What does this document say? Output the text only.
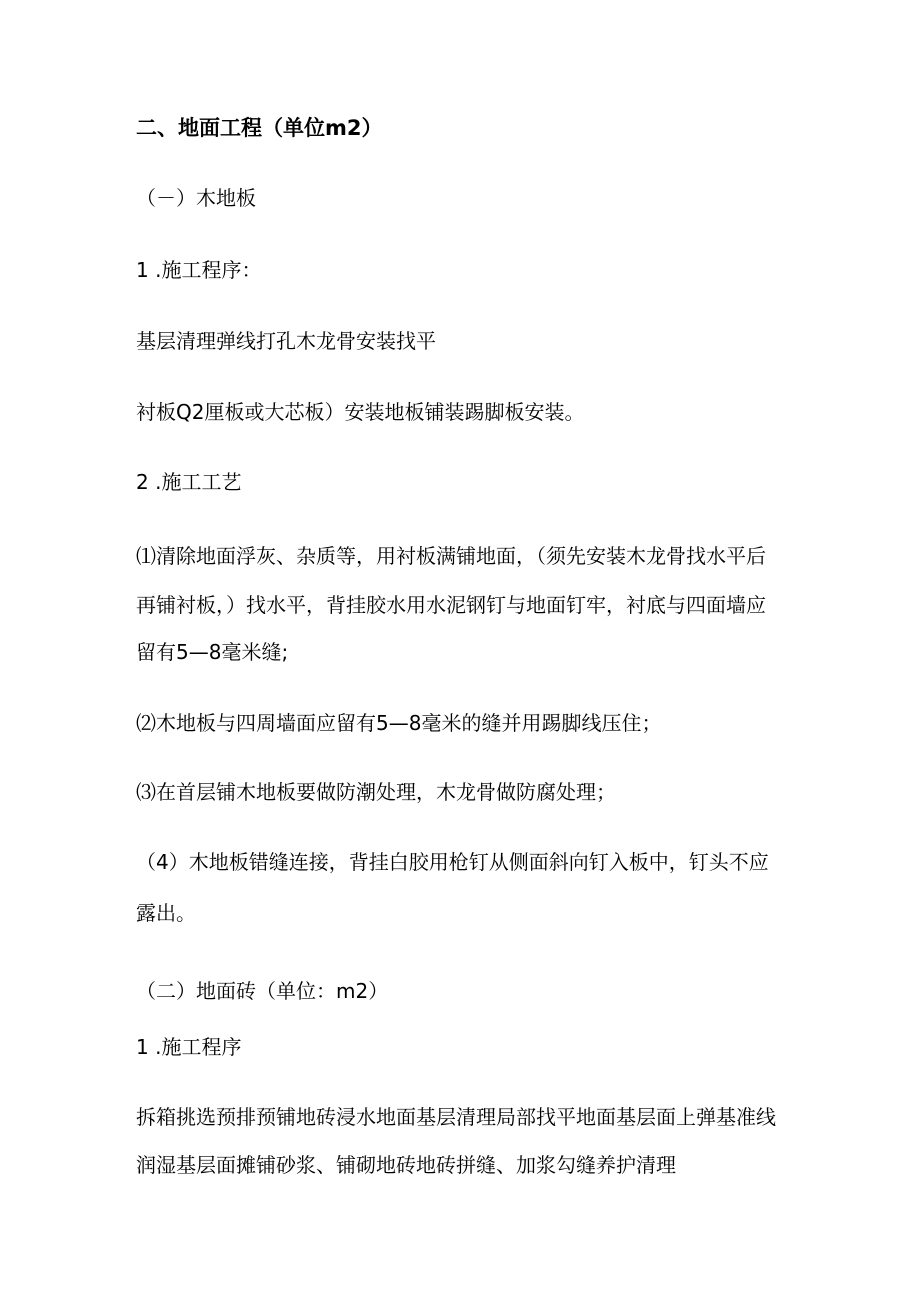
二、地面工程（单位m2）

（－）木地板

1 .施工程序：

基层清理弹线打孔木龙骨安装找平

衬板Q2厘板或大芯板）安装地板铺装踢脚板安装。

2 .施工工艺

⑴清除地面浮灰、杂质等，用衬板满铺地面，（须先安装木龙骨找水平后

再铺衬板，）找水平，背挂胶水用水泥钢钉与地面钉牢，衬底与四面墙应

留有5—8毫米缝;

⑵木地板与四周墙面应留有5—8毫米的缝并用踢脚线压住；

⑶在首层铺木地板要做防潮处理，木龙骨做防腐处理；

（4）木地板错缝连接，背挂白胶用枪钉从侧面斜向钉入板中，钉头不应

露出。

（二）地面砖（单位：m2）

1 .施工程序

拆箱挑选预排预铺地砖浸水地面基层清理局部找平地面基层面上弹基准线

润湿基层面摊铺砂浆、铺砌地砖地砖拼缝、加浆勾缝养护清理
